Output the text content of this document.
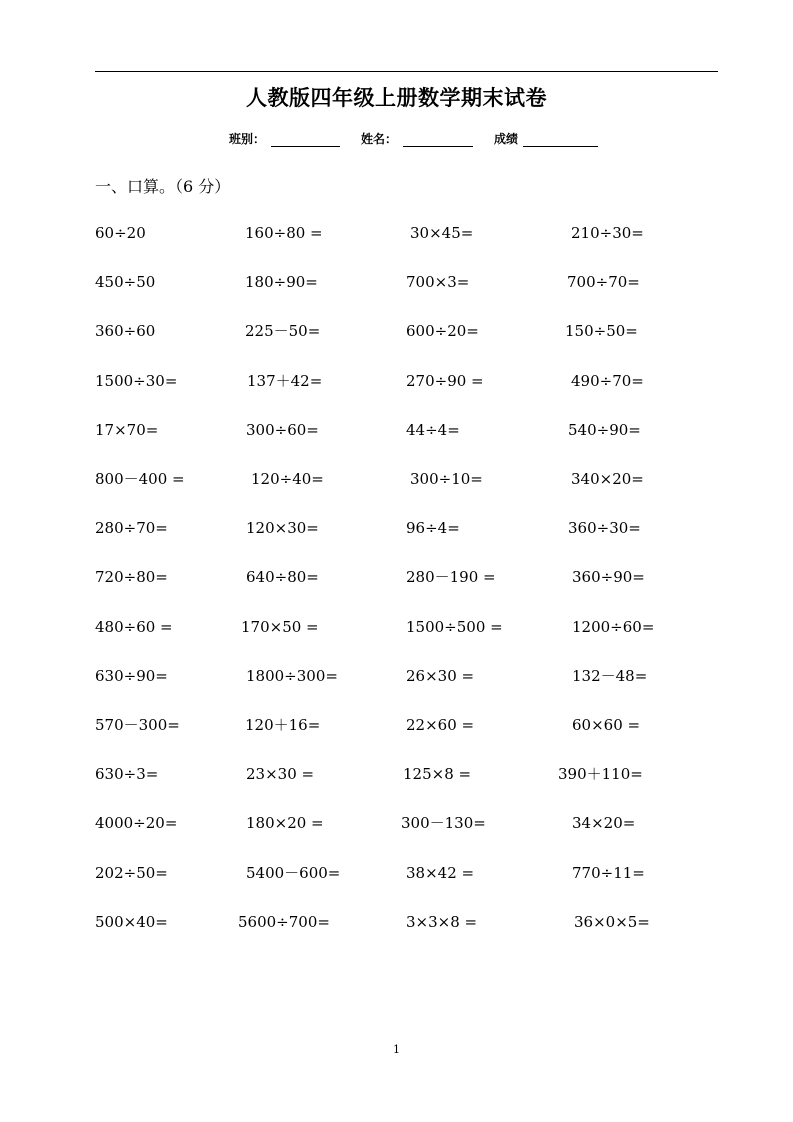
人教版四年级上册数学期末试卷
班别：	姓名：	成绩
一、口算。（6 分）
60÷20	160÷80 =	30×45=	210÷30=
450÷50	180÷90=	700×3=	700÷70=
360÷60	225－50=	600÷20=	150÷50=
1500÷30=	137＋42=	270÷90 =	490÷70=
17×70=	300÷60=	44÷4=	540÷90=
800－400 =	120÷40=	300÷10=	340×20=
280÷70=	120×30=	96÷4=	360÷30=
720÷80=	640÷80=	280－190 =	360÷90=
480÷60 =	170×50 =	1500÷500 =	1200÷60=
630÷90=	1800÷300=	26×30 =	132－48=
570－300=	120＋16=	22×60 =	60×60 =
630÷3=	23×30 =	125×8 =	390＋110=
4000÷20=	180×20 =	300－130=	34×20=
202÷50=	5400－600=	38×42 =	770÷11=
500×40=	5600÷700=	3×3×8 =	36×0×5=
1
